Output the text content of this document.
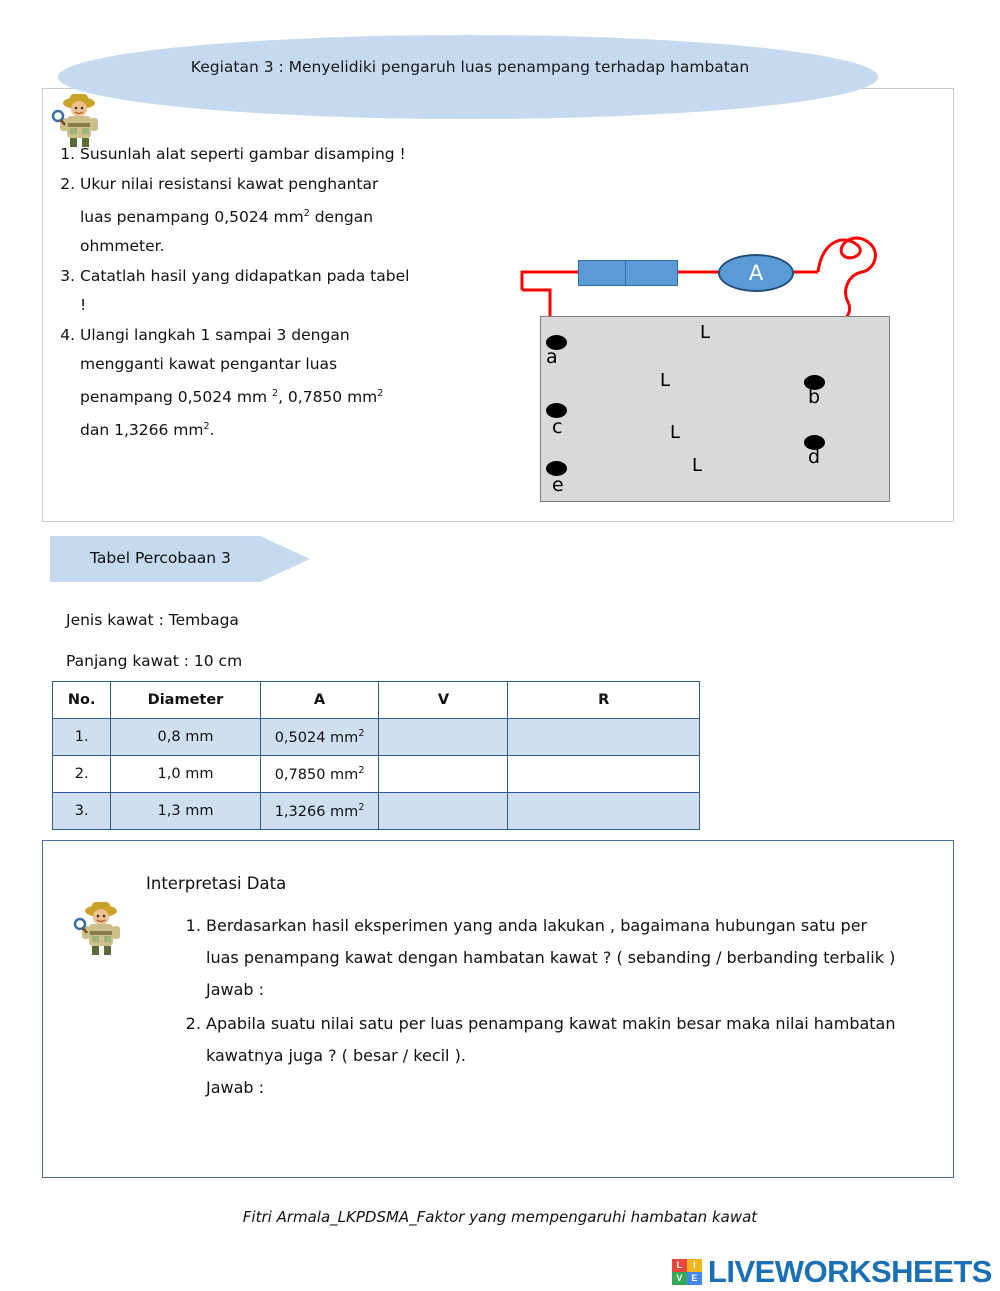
Kegiatan 3 : Menyelidiki pengaruh luas penampang terhadap hambatan
1. Susunlah alat seperti gambar disamping !
2. Ukur nilai resistansi kawat penghantar luas penampang 0,5024 $mm^2$ dengan ohmmeter.
3. Catatlah hasil yang didapatkan pada tabel !
4. Ulangi langkah 1 sampai 3 dengan mengganti kawat pengantar luas penampang 0,5024 mm $^2$, 0,7850 $mm^2$ dan 1,3266 $mm^2$.
A
a
b
c
d
e
L
L
L
L
Tabel Percobaan 3
Jenis kawat : Tembaga
Panjang kawat : 10 cm
No.	Diameter	A	V	R
1.	0,8 mm	0,5024 $mm^2$		
2.	1,0 mm	0,7850 $mm^2$		
3.	1,3 mm	1,3266 $mm^2$		
Interpretasi Data
1. Berdasarkan hasil eksperimen yang anda lakukan , bagaimana hubungan satu per luas penampang kawat dengan hambatan kawat ? ( sebanding / berbanding terbalik )
Jawab :
2. Apabila suatu nilai satu per luas penampang kawat makin besar maka nilai hambatan kawatnya juga ? ( besar / kecil ).
Jawab :
Fitri Armala_LKPDSMA_Faktor yang mempengaruhi hambatan kawat
L	I
V E LIVEWORKSHEETS
